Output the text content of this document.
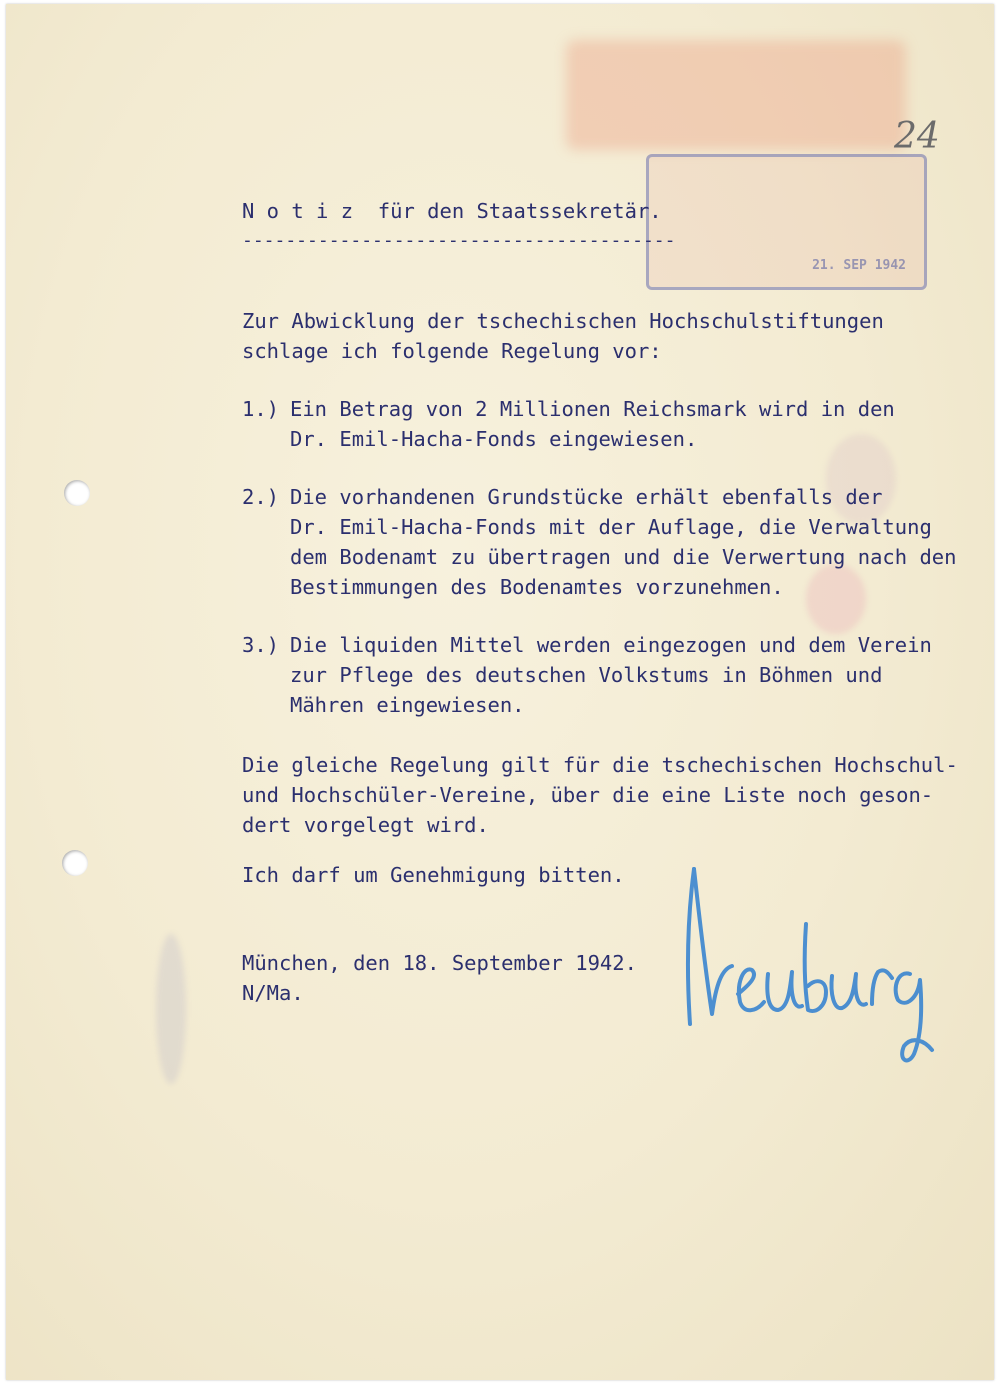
21. SEP 1942
24

N o t i z  für den Staatssekretär.

----------------------------------------

Zur Abwicklung der tschechischen Hochschulstiftungen

schlage ich folgende Regelung vor:

1.) Ein Betrag von 2 Millionen Reichsmark wird in den

Dr. Emil-Hacha-Fonds eingewiesen.

2.) Die vorhandenen Grundstücke erhält ebenfalls der

Dr. Emil-Hacha-Fonds mit der Auflage, die Verwaltung

dem Bodenamt zu übertragen und die Verwertung nach den

Bestimmungen des Bodenamtes vorzunehmen.

3.) Die liquiden Mittel werden eingezogen und dem Verein

zur Pflege des deutschen Volkstums in Böhmen und

Mähren eingewiesen.

Die gleiche Regelung gilt für die tschechischen Hochschul-

und Hochschüler-Vereine, über die eine Liste noch geson-

dert vorgelegt wird.

Ich darf um Genehmigung bitten.

München, den 18. September 1942.

N/Ma.
